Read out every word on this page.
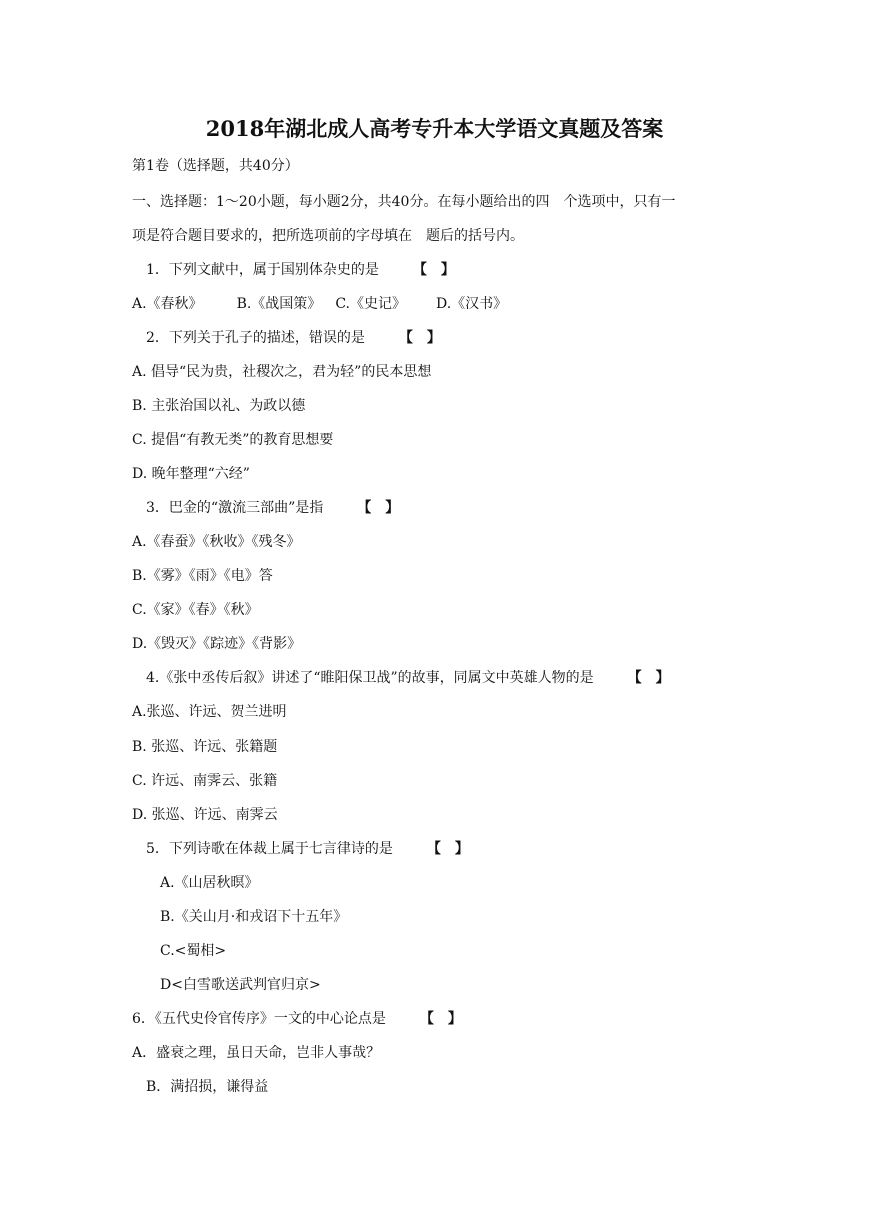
2018年湖北成人高考专升本大学语文真题及答案
第1卷（选择题，共40分）
一、选择题：1～20小题，每小题2分，共40分。在每小题给出的四　个选项中，只有一
项是符合题目要求的，把所选项前的字母填在　题后的括号内。
1．下列文献中，属于国别体杂史的是 【　】
A.《春秋》 B.《战国策》 C.《史记》 D.《汉书》
2．下列关于孔子的描述，错误的是 【　】
A. 倡导“民为贵，社稷次之，君为轻”的民本思想
B. 主张治国以礼、为政以德
C. 提倡“有教无类”的教育思想要
D. 晚年整理“六经”
3．巴金的“激流三部曲”是指 【　】
A.《春蚕》《秋收》《残冬》
B.《雾》《雨》《电》答
C.《家》《春》《秋》
D.《毁灭》《踪迹》《背影》
4.《张中丞传后叙》讲述了“睢阳保卫战”的故事，同属文中英雄人物的是 【　】
A.张巡、许远、贺兰进明
B. 张巡、许远、张籍题
C. 许远、南霁云、张籍
D. 张巡、许远、南霁云
5．下列诗歌在体裁上属于七言律诗的是 【　】
A.《山居秋暝》
B.《关山月·和戎诏下十五年》
C.<蜀相>
D<白雪歌送武判官归京>
6．《五代史伶官传序》一文的中心论点是 【　】
A．盛衰之理，虽日天命，岂非人事哉？
B．满招损，谦得益
